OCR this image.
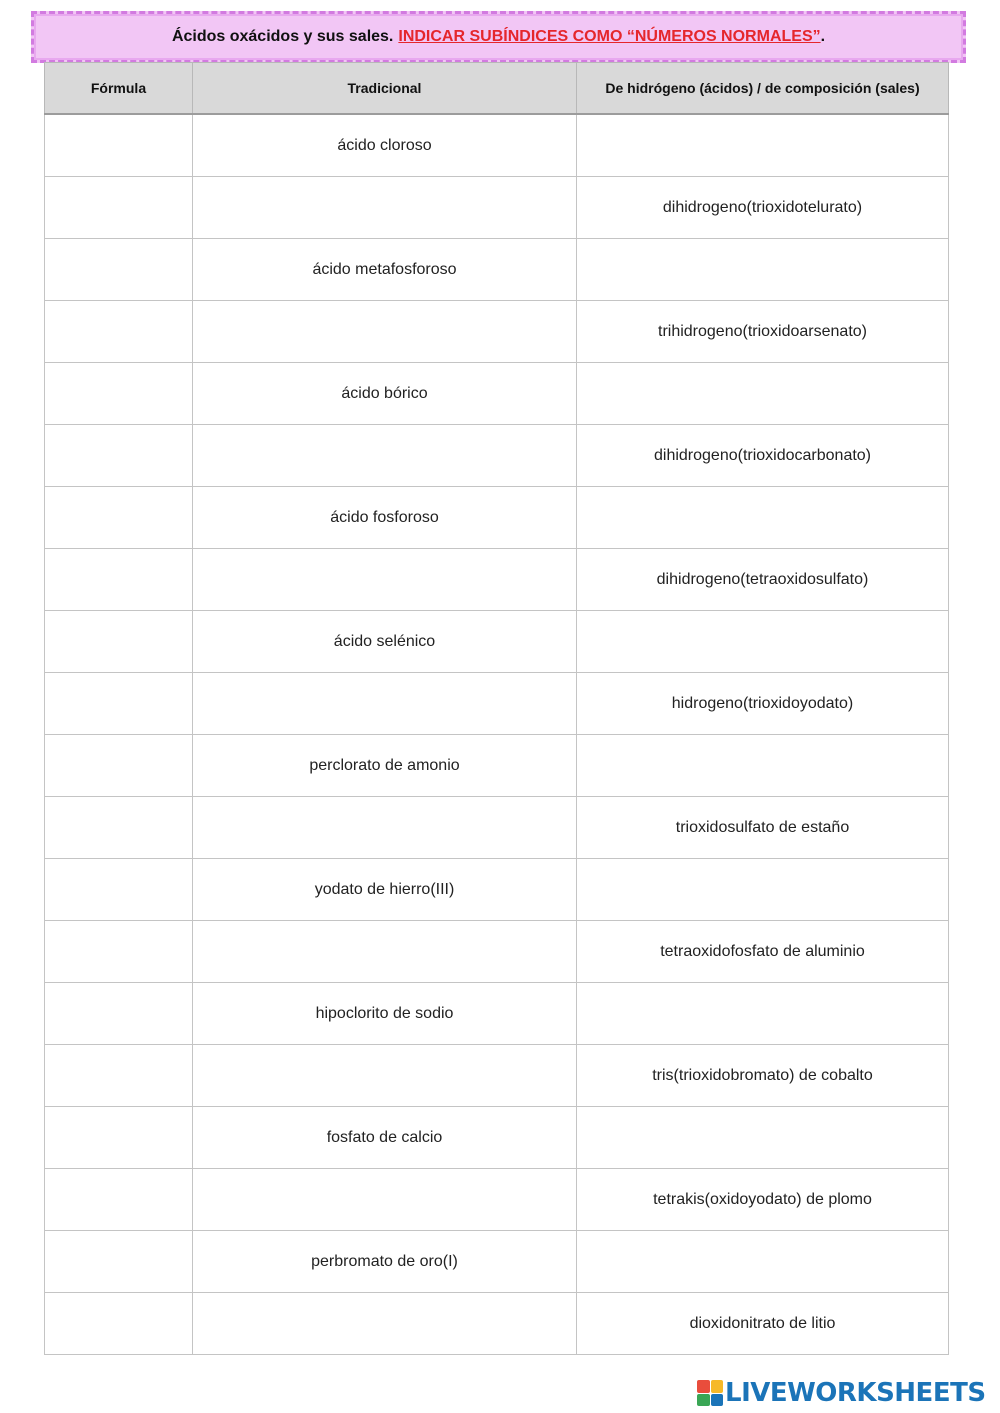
Ácidos oxácidos y sus sales. INDICAR SUBÍNDICES COMO “NÚMEROS NORMALES” .
Fórmula	Tradicional	De hidrógeno (ácidos) / de composición (sales)
	ácido cloroso	
		dihidrogeno(trioxidotelurato)
	ácido metafosforoso	
		trihidrogeno(trioxidoarsenato)
	ácido bórico	
		dihidrogeno(trioxidocarbonato)
	ácido fosforoso	
		dihidrogeno(tetraoxidosulfato)
	ácido selénico	
		hidrogeno(trioxidoyodato)
	perclorato de amonio	
		trioxidosulfato de estaño
	yodato de hierro(III)	
		tetraoxidofosfato de aluminio
	hipoclorito de sodio	
		tris(trioxidobromato) de cobalto
	fosfato de calcio	
		tetrakis(oxidoyodato) de plomo
	perbromato de oro(I)	
		dioxidonitrato de litio
LIVEWORKSHEETS
